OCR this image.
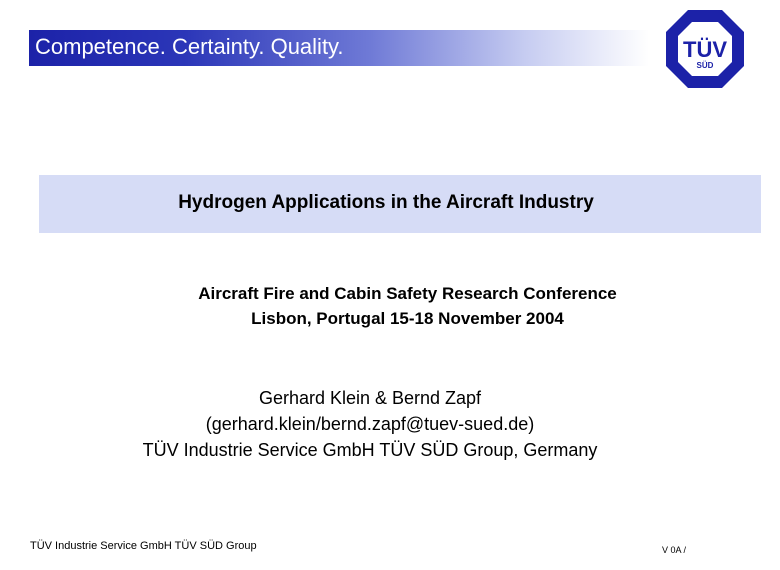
Competence. Certainty. Quality.	TÜV
SÜD
Hydrogen Applications in the Aircraft Industry
Aircraft Fire and Cabin Safety Research Conference
Lisbon, Portugal 15-18 November 2004
Gerhard Klein & Bernd Zapf
(gerhard.klein/bernd.zapf@tuev-sued.de)
TÜV Industrie Service GmbH TÜV SÜD Group, Germany
TÜV Industrie Service GmbH TÜV SÜD Group	V 0A /
